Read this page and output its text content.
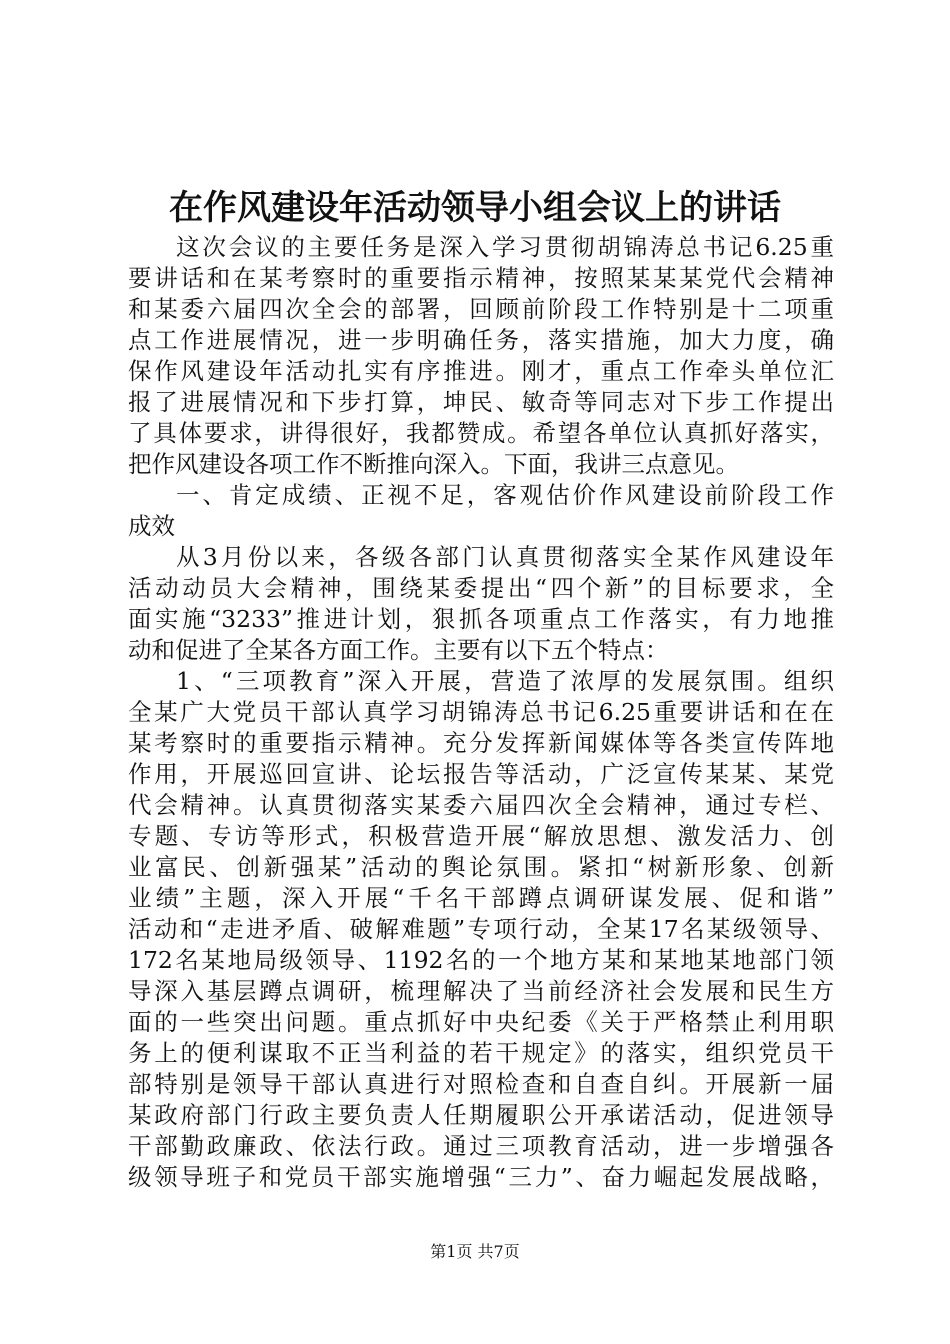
在作风建设年活动领导小组会议上的讲话
这次会议的主要任务是深入学习贯彻胡锦涛总书记6.25重
要讲话和在某考察时的重要指示精神，按照某某某党代会精神
和某委六届四次全会的部署，回顾前阶段工作特别是十二项重
点工作进展情况，进一步明确任务，落实措施，加大力度，确
保作风建设年活动扎实有序推进。刚才，重点工作牵头单位汇
报了进展情况和下步打算，坤民、敏奇等同志对下步工作提出
了具体要求，讲得很好，我都赞成。希望各单位认真抓好落实，
把作风建设各项工作不断推向深入。下面，我讲三点意见。
一、肯定成绩、正视不足，客观估价作风建设前阶段工作
成效
从3月份以来，各级各部门认真贯彻落实全某作风建设年
活动动员大会精神，围绕某委提出“四个新”的目标要求，全
面实施“3233”推进计划，狠抓各项重点工作落实，有力地推
动和促进了全某各方面工作。主要有以下五个特点：
1、“三项教育”深入开展，营造了浓厚的发展氛围。组织
全某广大党员干部认真学习胡锦涛总书记6.25重要讲话和在在
某考察时的重要指示精神。充分发挥新闻媒体等各类宣传阵地
作用，开展巡回宣讲、论坛报告等活动，广泛宣传某某、某党
代会精神。认真贯彻落实某委六届四次全会精神，通过专栏、
专题、专访等形式，积极营造开展“解放思想、激发活力、创
业富民、创新强某”活动的舆论氛围。紧扣“树新形象、创新
业绩”主题，深入开展“千名干部蹲点调研谋发展、促和谐”
活动和“走进矛盾、破解难题”专项行动，全某17名某级领导、
172名某地局级领导、1192名的一个地方某和某地某地部门领
导深入基层蹲点调研，梳理解决了当前经济社会发展和民生方
面的一些突出问题。重点抓好中央纪委《关于严格禁止利用职
务上的便利谋取不正当利益的若干规定》的落实，组织党员干
部特别是领导干部认真进行对照检查和自查自纠。开展新一届
某政府部门行政主要负责人任期履职公开承诺活动，促进领导
干部勤政廉政、依法行政。通过三项教育活动，进一步增强各
级领导班子和党员干部实施增强“三力”、奋力崛起发展战略，
第1页 共7页
